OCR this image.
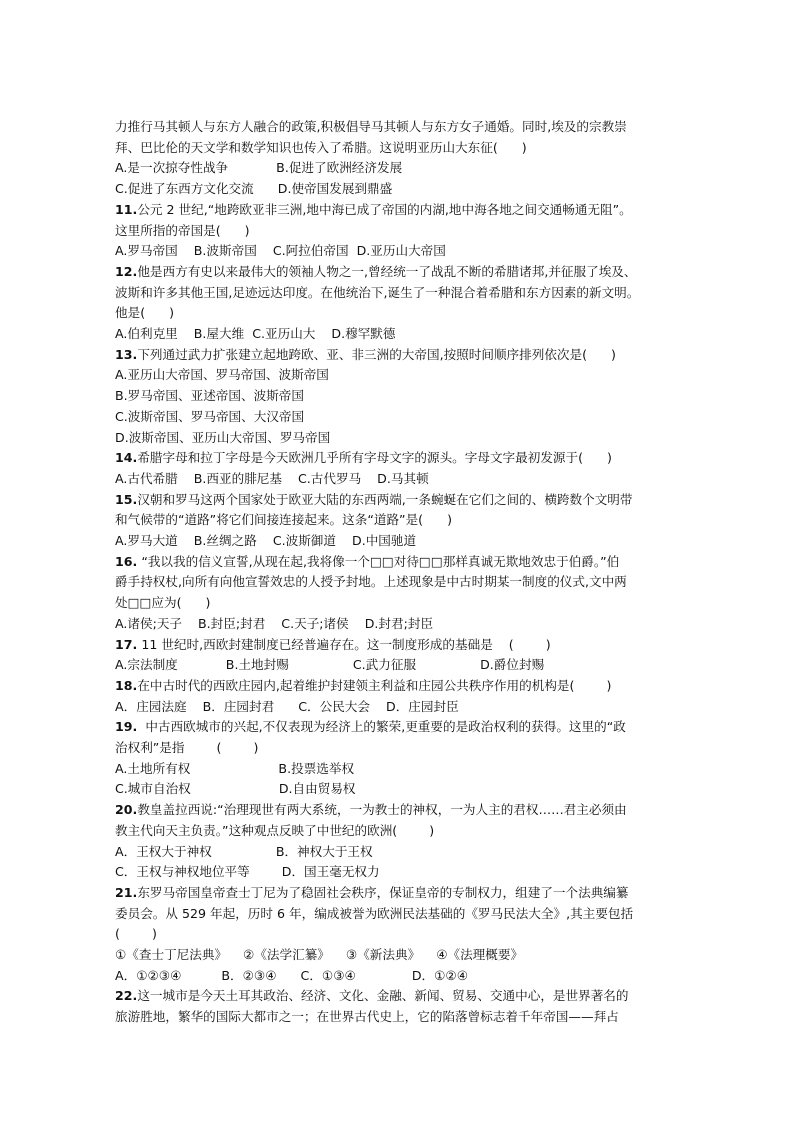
力推行马其顿人与东方人融合的政策,积极倡导马其顿人与东方女子通婚。同时,埃及的宗教崇
拜、巴比伦的天文学和数学知识也传入了希腊。这说明亚历山大东征(      )
A.是一次掠夺性战争            B.促进了欧洲经济发展
C.促进了东西方文化交流      D.使帝国发展到鼎盛
11.公元 2 世纪,“地跨欧亚非三洲,地中海已成了帝国的内湖,地中海各地之间交通畅通无阻”。
这里所指的帝国是(      )
A.罗马帝国    B.波斯帝国    C.阿拉伯帝国  D.亚历山大帝国
12.他是西方有史以来最伟大的领袖人物之一,曾经统一了战乱不断的希腊诸邦,并征服了埃及、
波斯和许多其他王国,足迹远达印度。在他统治下,诞生了一种混合着希腊和东方因素的新文明。
他是(      )
A.伯利克里    B.屋大维  C.亚历山大    D.穆罕默德
13.下列通过武力扩张建立起地跨欧、亚、非三洲的大帝国,按照时间顺序排列依次是(      )
A.亚历山大帝国、罗马帝国、波斯帝国
B.罗马帝国、亚述帝国、波斯帝国
C.波斯帝国、罗马帝国、大汉帝国
D.波斯帝国、亚历山大帝国、罗马帝国
14.希腊字母和拉丁字母是今天欧洲几乎所有字母文字的源头。字母文字最初发源于(      )
A.古代希腊    B.西亚的腓尼基    C.古代罗马    D.马其顿
15.汉朝和罗马这两个国家处于欧亚大陆的东西两端,一条蜿蜒在它们之间的、横跨数个文明带
和气候带的“道路”将它们间接连接起来。这条“道路”是(      )
A.罗马大道    B.丝绸之路    C.波斯御道    D.中国驰道
16. “我以我的信义宣誓,从现在起,我将像一个□□对待□□那样真诚无欺地效忠于伯爵。”伯
爵手持权杖,向所有向他宣誓效忠的人授予封地。上述现象是中古时期某一制度的仪式,文中两
处□□应为(      )
A.诸侯;天子    B.封臣;封君    C.天子;诸侯    D.封君;封臣
17. 11 世纪时,西欧封建制度已经普遍存在。这一制度形成的基础是    (        )
A.宗法制度            B.土地封赐                C.武力征服                D.爵位封赐
18.在中古时代的西欧庄园内,起着维护封建领主利益和庄园公共秩序作用的机构是(        )
A．庄园法庭    B．庄园封君      C．公民大会    D．庄园封臣
19.  中古西欧城市的兴起,不仅表现为经济上的繁荣,更重要的是政治权利的获得。这里的“政
治权利”是指        (        )
A.土地所有权                      B.投票选举权
C.城市自治权                      D.自由贸易权
20.教皇盖拉西说:“治理现世有两大系统，一为教士的神权，一为人主的君权……君主必须由
教主代向天主负责。”这种观点反映了中世纪的欧洲(        )
A．王权大于神权                B．神权大于王权
C．王权与神权地位平等        D．国王毫无权力
21.东罗马帝国皇帝查士丁尼为了稳固社会秩序，保证皇帝的专制权力，组建了一个法典编纂
委员会。从 529 年起，历时 6 年，编成被誉为欧洲民法基础的《罗马民法大全》,其主要包括
(        )
①《查士丁尼法典》    ②《法学汇纂》    ③《新法典》    ④《法理概要》
A．①②③④          B．②③④      C．①③④              D．①②④
22.这一城市是今天土耳其政治、经济、文化、金融、新闻、贸易、交通中心，是世界著名的
旅游胜地，繁华的国际大都市之一；在世界古代史上，它的陷落曾标志着千年帝国——拜占
